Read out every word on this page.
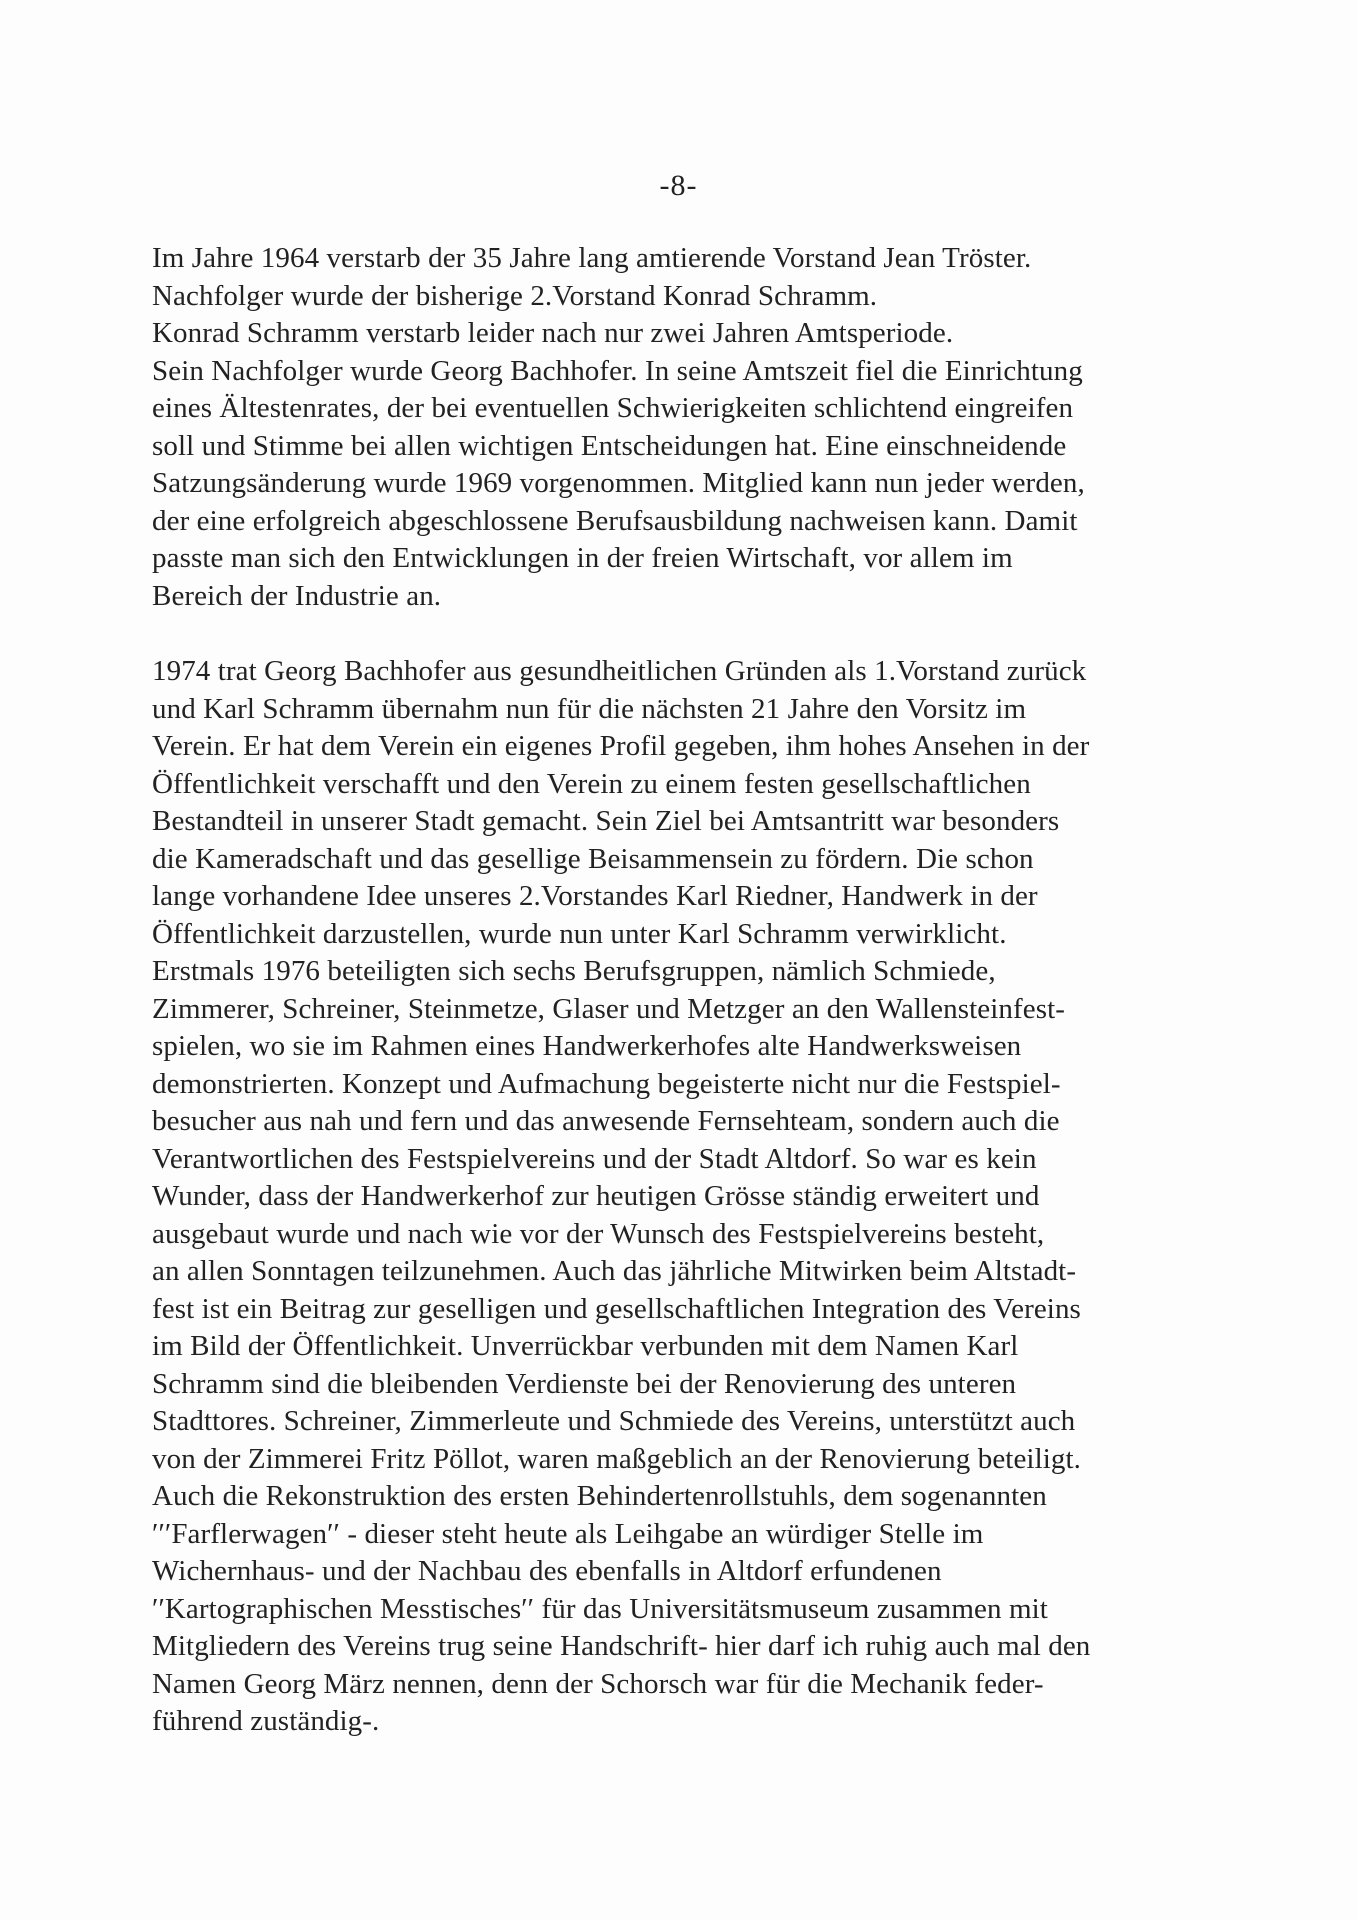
-8-
Im Jahre 1964 verstarb der 35 Jahre lang amtierende Vorstand Jean Tröster.
Nachfolger wurde der bisherige 2.Vorstand Konrad Schramm.
Konrad Schramm verstarb leider nach nur zwei Jahren Amtsperiode.
Sein Nachfolger wurde Georg Bachhofer. In seine Amtszeit fiel die Einrichtung
eines Ältestenrates, der bei eventuellen Schwierigkeiten schlichtend eingreifen
soll und Stimme bei allen wichtigen Entscheidungen hat. Eine einschneidende
Satzungsänderung wurde 1969 vorgenommen. Mitglied kann nun jeder werden,
der eine erfolgreich abgeschlossene Berufsausbildung nachweisen kann. Damit
passte man sich den Entwicklungen in der freien Wirtschaft, vor allem im
Bereich der Industrie an.
1974 trat Georg Bachhofer aus gesundheitlichen Gründen als 1.Vorstand zurück
und Karl Schramm übernahm nun für die nächsten 21 Jahre den Vorsitz im
Verein. Er hat dem Verein ein eigenes Profil gegeben, ihm hohes Ansehen in der
Öffentlichkeit verschafft und den Verein zu einem festen gesellschaftlichen
Bestandteil in unserer Stadt gemacht. Sein Ziel bei Amtsantritt war besonders
die Kameradschaft und das gesellige Beisammensein zu fördern. Die schon
lange vorhandene Idee unseres 2.Vorstandes Karl Riedner, Handwerk in der
Öffentlichkeit darzustellen, wurde nun unter Karl Schramm verwirklicht.
Erstmals 1976 beteiligten sich sechs Berufsgruppen, nämlich Schmiede,
Zimmerer, Schreiner, Steinmetze, Glaser und Metzger an den Wallensteinfest-
spielen, wo sie im Rahmen eines Handwerkerhofes alte Handwerksweisen
demonstrierten. Konzept und Aufmachung begeisterte nicht nur die Festspiel-
besucher aus nah und fern und das anwesende Fernsehteam, sondern auch die
Verantwortlichen des Festspielvereins und der Stadt Altdorf. So war es kein
Wunder, dass der Handwerkerhof zur heutigen Grösse ständig erweitert und
ausgebaut wurde und nach wie vor der Wunsch des Festspielvereins besteht,
an allen Sonntagen teilzunehmen. Auch das jährliche Mitwirken beim Altstadt-
fest ist ein Beitrag zur geselligen und gesellschaftlichen Integration des Vereins
im Bild der Öffentlichkeit. Unverrückbar verbunden mit dem Namen Karl
Schramm sind die bleibenden Verdienste bei der Renovierung des unteren
Stadttores. Schreiner, Zimmerleute und Schmiede des Vereins, unterstützt auch
von der Zimmerei Fritz Pöllot, waren maßgeblich an der Renovierung beteiligt.
Auch die Rekonstruktion des ersten Behindertenrollstuhls, dem sogenannten
′′′Farflerwagen′′ - dieser steht heute als Leihgabe an würdiger Stelle im
Wichernhaus- und der Nachbau des ebenfalls in Altdorf erfundenen
′′Kartographischen Messtisches′′ für das Universitätsmuseum zusammen mit
Mitgliedern des Vereins trug seine Handschrift- hier darf ich ruhig auch mal den
Namen Georg März nennen, denn der Schorsch war für die Mechanik feder-
führend zuständig-.
